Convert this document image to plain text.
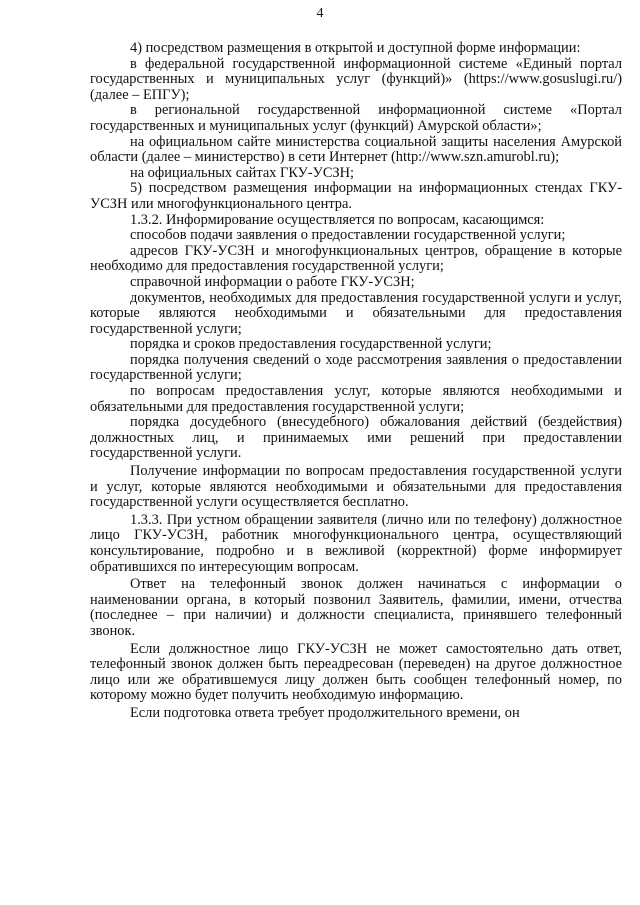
4

4) посредством размещения в открытой и доступной форме информации:

в федеральной государственной информационной системе «Единый портал государственных и муниципальных услуг (функций)» (https://www.gosuslugi.ru/) (далее – ЕПГУ);

в региональной государственной информационной системе «Портал государственных и муниципальных услуг (функций) Амурской области»;

на официальном сайте министерства социальной защиты населения Амурской области (далее – министерство) в сети Интернет (http://www.szn.amurobl.ru);

на официальных сайтах ГКУ-УСЗН;

5) посредством размещения информации на информационных стендах ГКУ-УСЗН или многофункционального центра.

1.3.2. Информирование осуществляется по вопросам, касающимся:

способов подачи заявления о предоставлении государственной услуги;

адресов ГКУ-УСЗН и многофункциональных центров, обращение в которые необходимо для предоставления государственной услуги;

справочной информации о работе ГКУ-УСЗН;

документов, необходимых для предоставления государственной услуги и услуг, которые являются необходимыми и обязательными для предоставления государственной услуги;

порядка и сроков предоставления государственной услуги;

порядка получения сведений о ходе рассмотрения заявления о предоставлении государственной услуги;

по вопросам предоставления услуг, которые являются необходимыми и обязательными для предоставления государственной услуги;

порядка досудебного (внесудебного) обжалования действий (бездействия) должностных лиц, и принимаемых ими решений при предоставлении государственной услуги.

Получение информации по вопросам предоставления государственной услуги и услуг, которые являются необходимыми и обязательными для предоставления государственной услуги осуществляется бесплатно.

1.3.3. При устном обращении заявителя (лично или по телефону) должностное лицо ГКУ-УСЗН, работник многофункционального центра, осуществляющий консультирование, подробно и в вежливой (корректной) форме информирует обратившихся по интересующим вопросам.

Ответ на телефонный звонок должен начинаться с информации о наименовании органа, в который позвонил Заявитель, фамилии, имени, отчества (последнее – при наличии) и должности специалиста, принявшего телефонный звонок.

Если должностное лицо ГКУ-УСЗН не может самостоятельно дать ответ, телефонный звонок должен быть переадресован (переведен) на другое должностное лицо или же обратившемуся лицу должен быть сообщен телефонный номер, по которому можно будет получить необходимую информацию.

Если подготовка ответа требует продолжительного времени, он
